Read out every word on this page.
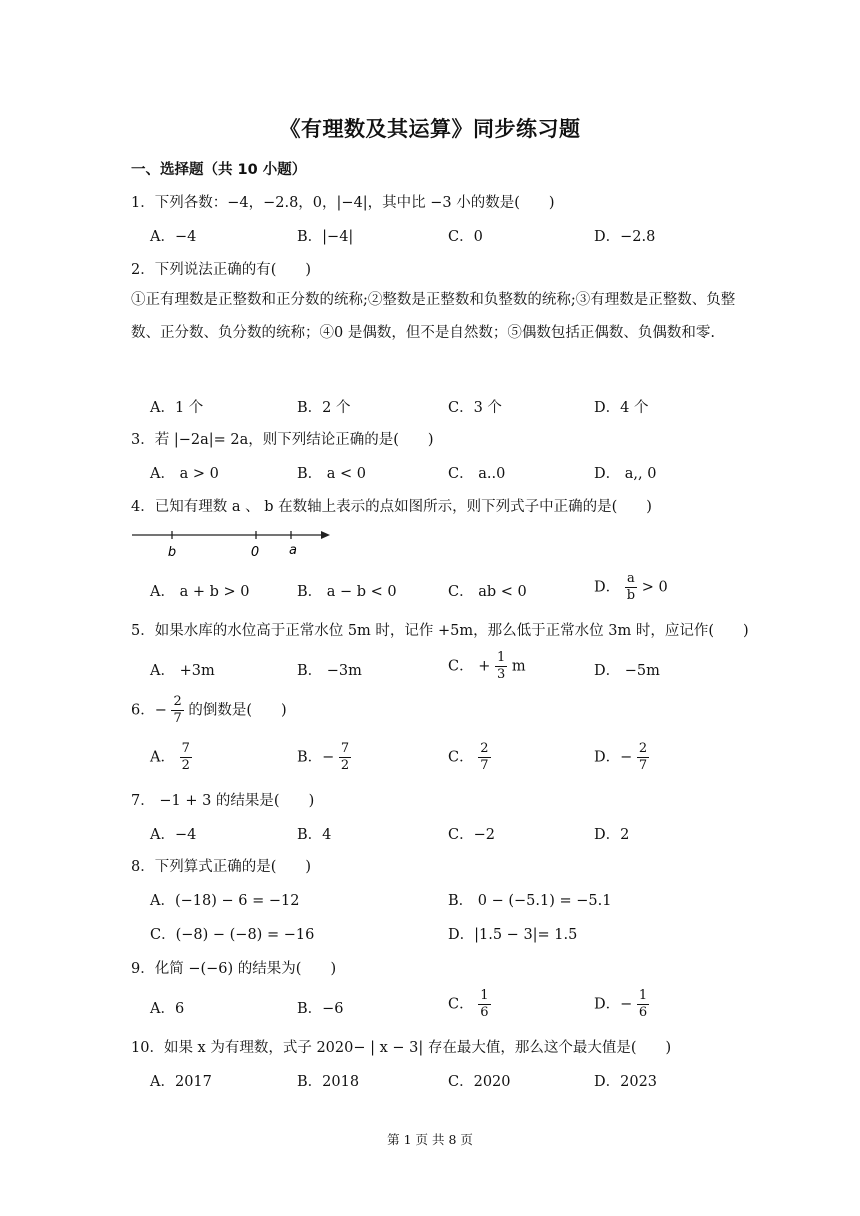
《有理数及其运算》同步练习题
一、选择题（共 10 小题）
1．下列各数：−4，−2.8，0，|−4|，其中比 −3 小的数是(　　)
A．−4	B．|−4|	C．0	D．−2.8
2．下列说法正确的有(　　)
①正有理数是正整数和正分数的统称;②整数是正整数和负整数的统称;③有理数是正整数、负整数、正分数、负分数的统称；④0 是偶数，但不是自然数；⑤偶数包括正偶数、负偶数和零.
A．1 个	B．2 个	C．3 个	D．4 个
3．若 |−2a|= 2a，则下列结论正确的是(　　)
A． a > 0	B． a < 0	C． a..0	D． a,, 0
4．已知有理数 a 、 b 在数轴上表示的点如图所示，则下列式子中正确的是(　　)
b	0 a
A． a + b > 0	B． a − b < 0	C． ab < 0	D． $\frac{a}{b} > 0$
5．如果水库的水位高于正常水位 5m 时，记作 +5m，那么低于正常水位 3m 时，应记作(　　)
A． +3m	B． −3m	C． + $\frac{1}{3}$ m	D． −5m
6．− $\frac{2}{7}$ 的倒数是(　　)
A． $\frac{7}{2}$	B．− $\frac{7}{2}$	C． $\frac{2}{7}$	D．− $\frac{2}{7}$
7． −1 + 3 的结果是(　　)
A．−4	B．4	C．−2	D．2
8．下列算式正确的是(　　)
A．(−18) − 6 = −12	B． 0 − (−5.1) = −5.1
C．(−8) − (−8) = −16	D．|1.5 − 3|= 1.5
9．化简 −(−6) 的结果为(　　)
A．6	B．−6	C． $\frac{1}{6}$	D．− $\frac{1}{6}$
10．如果 x 为有理数，式子 2020− | x − 3| 存在最大值，那么这个最大值是(　　)
A．2017	B．2018	C．2020	D．2023
第 1 页 共 8 页
